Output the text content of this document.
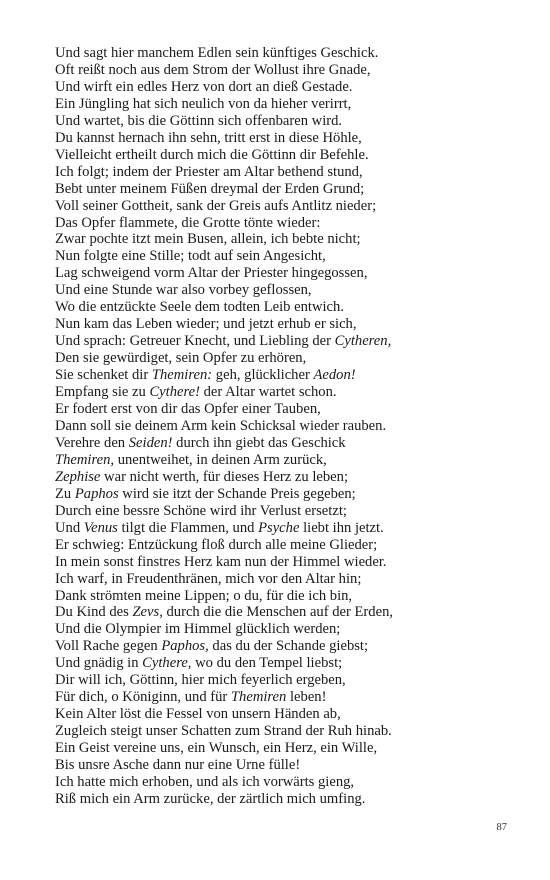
Und sagt hier manchem Edlen sein künftiges Geschick.

Oft reißt noch aus dem Strom der Wollust ihre Gnade,

Und wirft ein edles Herz von dort an dieß Gestade.

Ein Jüngling hat sich neulich von da hieher verirrt,

Und wartet, bis die Göttinn sich offenbaren wird.

Du kannst hernach ihn sehn, tritt erst in diese Höhle,

Vielleicht ertheilt durch mich die Göttinn dir Befehle.

Ich folgt; indem der Priester am Altar bethend stund,

Bebt unter meinem Füßen dreymal der Erden Grund;

Voll seiner Gottheit, sank der Greis aufs Antlitz nieder;

Das Opfer flammete, die Grotte tönte wieder:

Zwar pochte itzt mein Busen, allein, ich bebte nicht;

Nun folgte eine Stille; todt auf sein Angesicht,

Lag schweigend vorm Altar der Priester hingegossen,

Und eine Stunde war also vorbey geflossen,

Wo die entzückte Seele dem todten Leib entwich.

Nun kam das Leben wieder; und jetzt erhub er sich,

Und sprach: Getreuer Knecht, und Liebling der Cytheren,

Den sie gewürdiget, sein Opfer zu erhören,

Sie schenket dir Themiren: geh, glücklicher Aedon!

Empfang sie zu Cythere! der Altar wartet schon.

Er fodert erst von dir das Opfer einer Tauben,

Dann soll sie deinem Arm kein Schicksal wieder rauben.

Verehre den Seiden! durch ihn giebt das Geschick

Themiren, unentweihet, in deinen Arm zurück,

Zephise war nicht werth, für dieses Herz zu leben;

Zu Paphos wird sie itzt der Schande Preis gegeben;

Durch eine bessre Schöne wird ihr Verlust ersetzt;

Und Venus tilgt die Flammen, und Psyche liebt ihn jetzt.

Er schwieg: Entzückung floß durch alle meine Glieder;

In mein sonst finstres Herz kam nun der Himmel wieder.

Ich warf, in Freudenthränen, mich vor den Altar hin;

Dank strömten meine Lippen; o du, für die ich bin,

Du Kind des Zevs, durch die die Menschen auf der Erden,

Und die Olympier im Himmel glücklich werden;

Voll Rache gegen Paphos, das du der Schande giebst;

Und gnädig in Cythere, wo du den Tempel liebst;

Dir will ich, Göttinn, hier mich feyerlich ergeben,

Für dich, o Königinn, und für Themiren leben!

Kein Alter löst die Fessel von unsern Händen ab,

Zugleich steigt unser Schatten zum Strand der Ruh hinab.

Ein Geist vereine uns, ein Wunsch, ein Herz, ein Wille,

Bis unsre Asche dann nur eine Urne fülle!

Ich hatte mich erhoben, und als ich vorwärts gieng,

Riß mich ein Arm zurücke, der zärtlich mich umfing.

87
